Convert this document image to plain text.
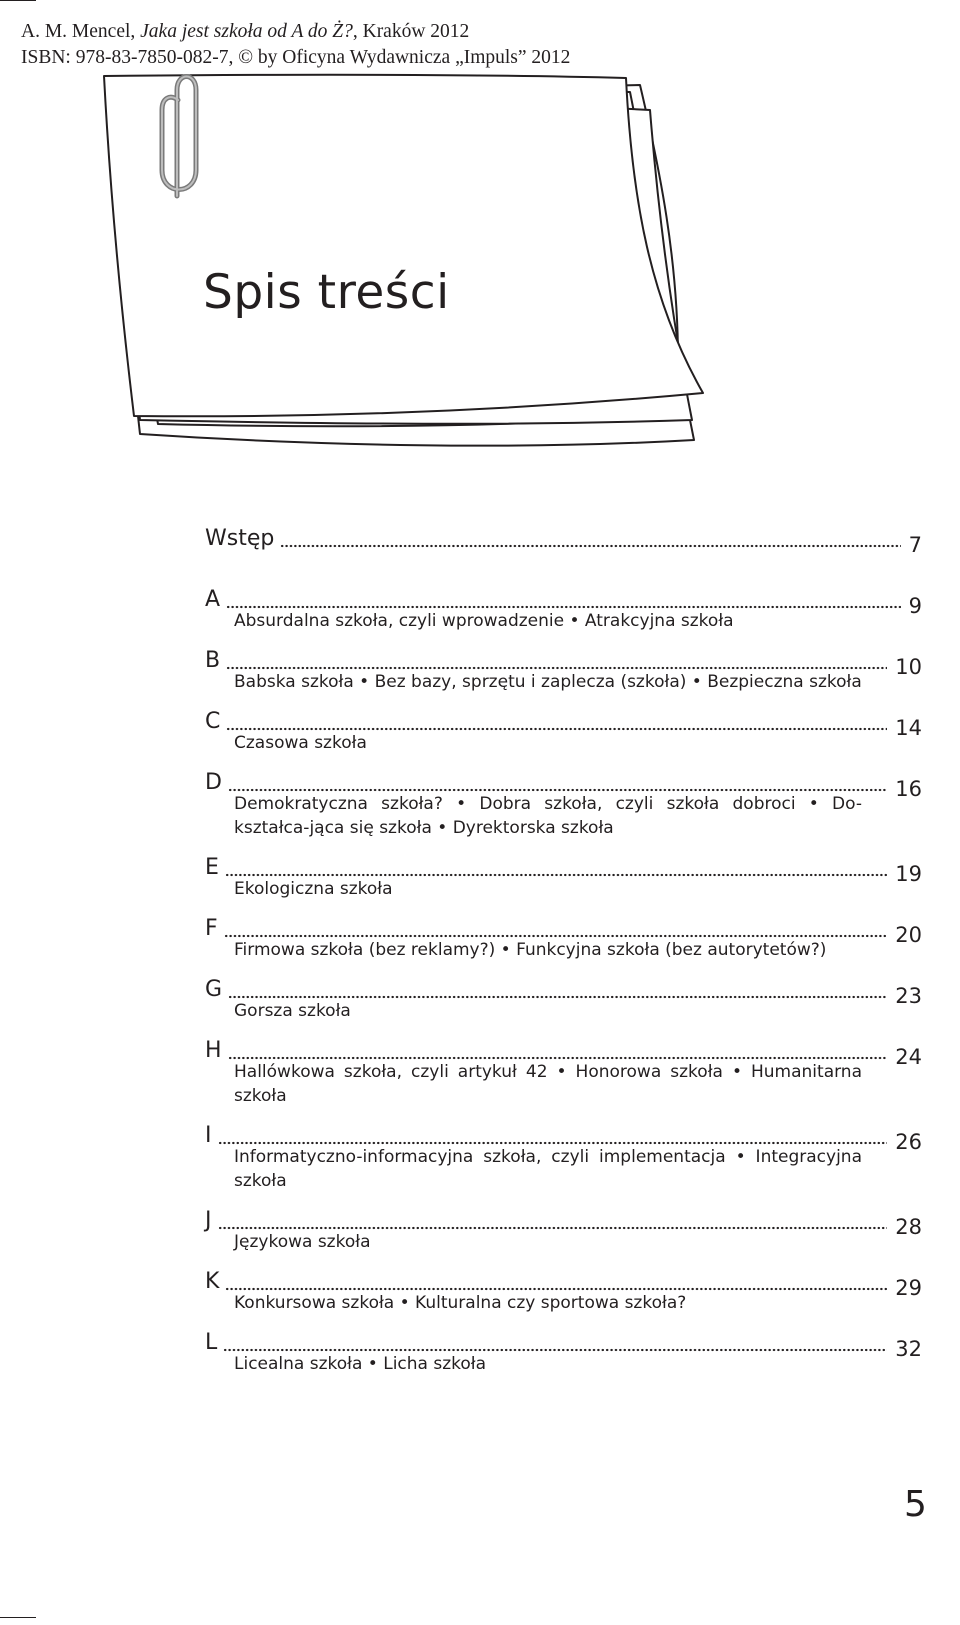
A. M. Mencel, Jaka jest szkoła od A do Ż?, Kraków 2012
ISBN: 978-83-7850-082-7, © by Oficyna Wydawnicza „Impuls” 2012
Spis treści
Wstęp	7
A	9

Absurdalna szkoła, czyli wprowadzenie • Atrakcyjna szkoła

B	10

Babska szkoła • Bez bazy, sprzętu i zaplecza (szkoła) • Bezpieczna szkoła

C	14

Czasowa szkoła

D	16

Demokratyczna szkoła? • Dobra szkoła, czyli szkoła dobroci • Do-kształca-jąca się szkoła • Dyrektorska szkoła

E	19

Ekologiczna szkoła

F	20

Firmowa szkoła (bez reklamy?) • Funkcyjna szkoła (bez autorytetów?)

G	23

Gorsza szkoła

H	24

Hallówkowa szkoła, czyli artykuł 42 • Honorowa szkoła • Humanitarna szkoła

I	26

Informatyczno-informacyjna szkoła, czyli implementacja • Integracyjna szkoła

J	28

Językowa szkoła

K	29

Konkursowa szkoła • Kulturalna czy sportowa szkoła?

L	32

Licealna szkoła • Licha szkoła

5
